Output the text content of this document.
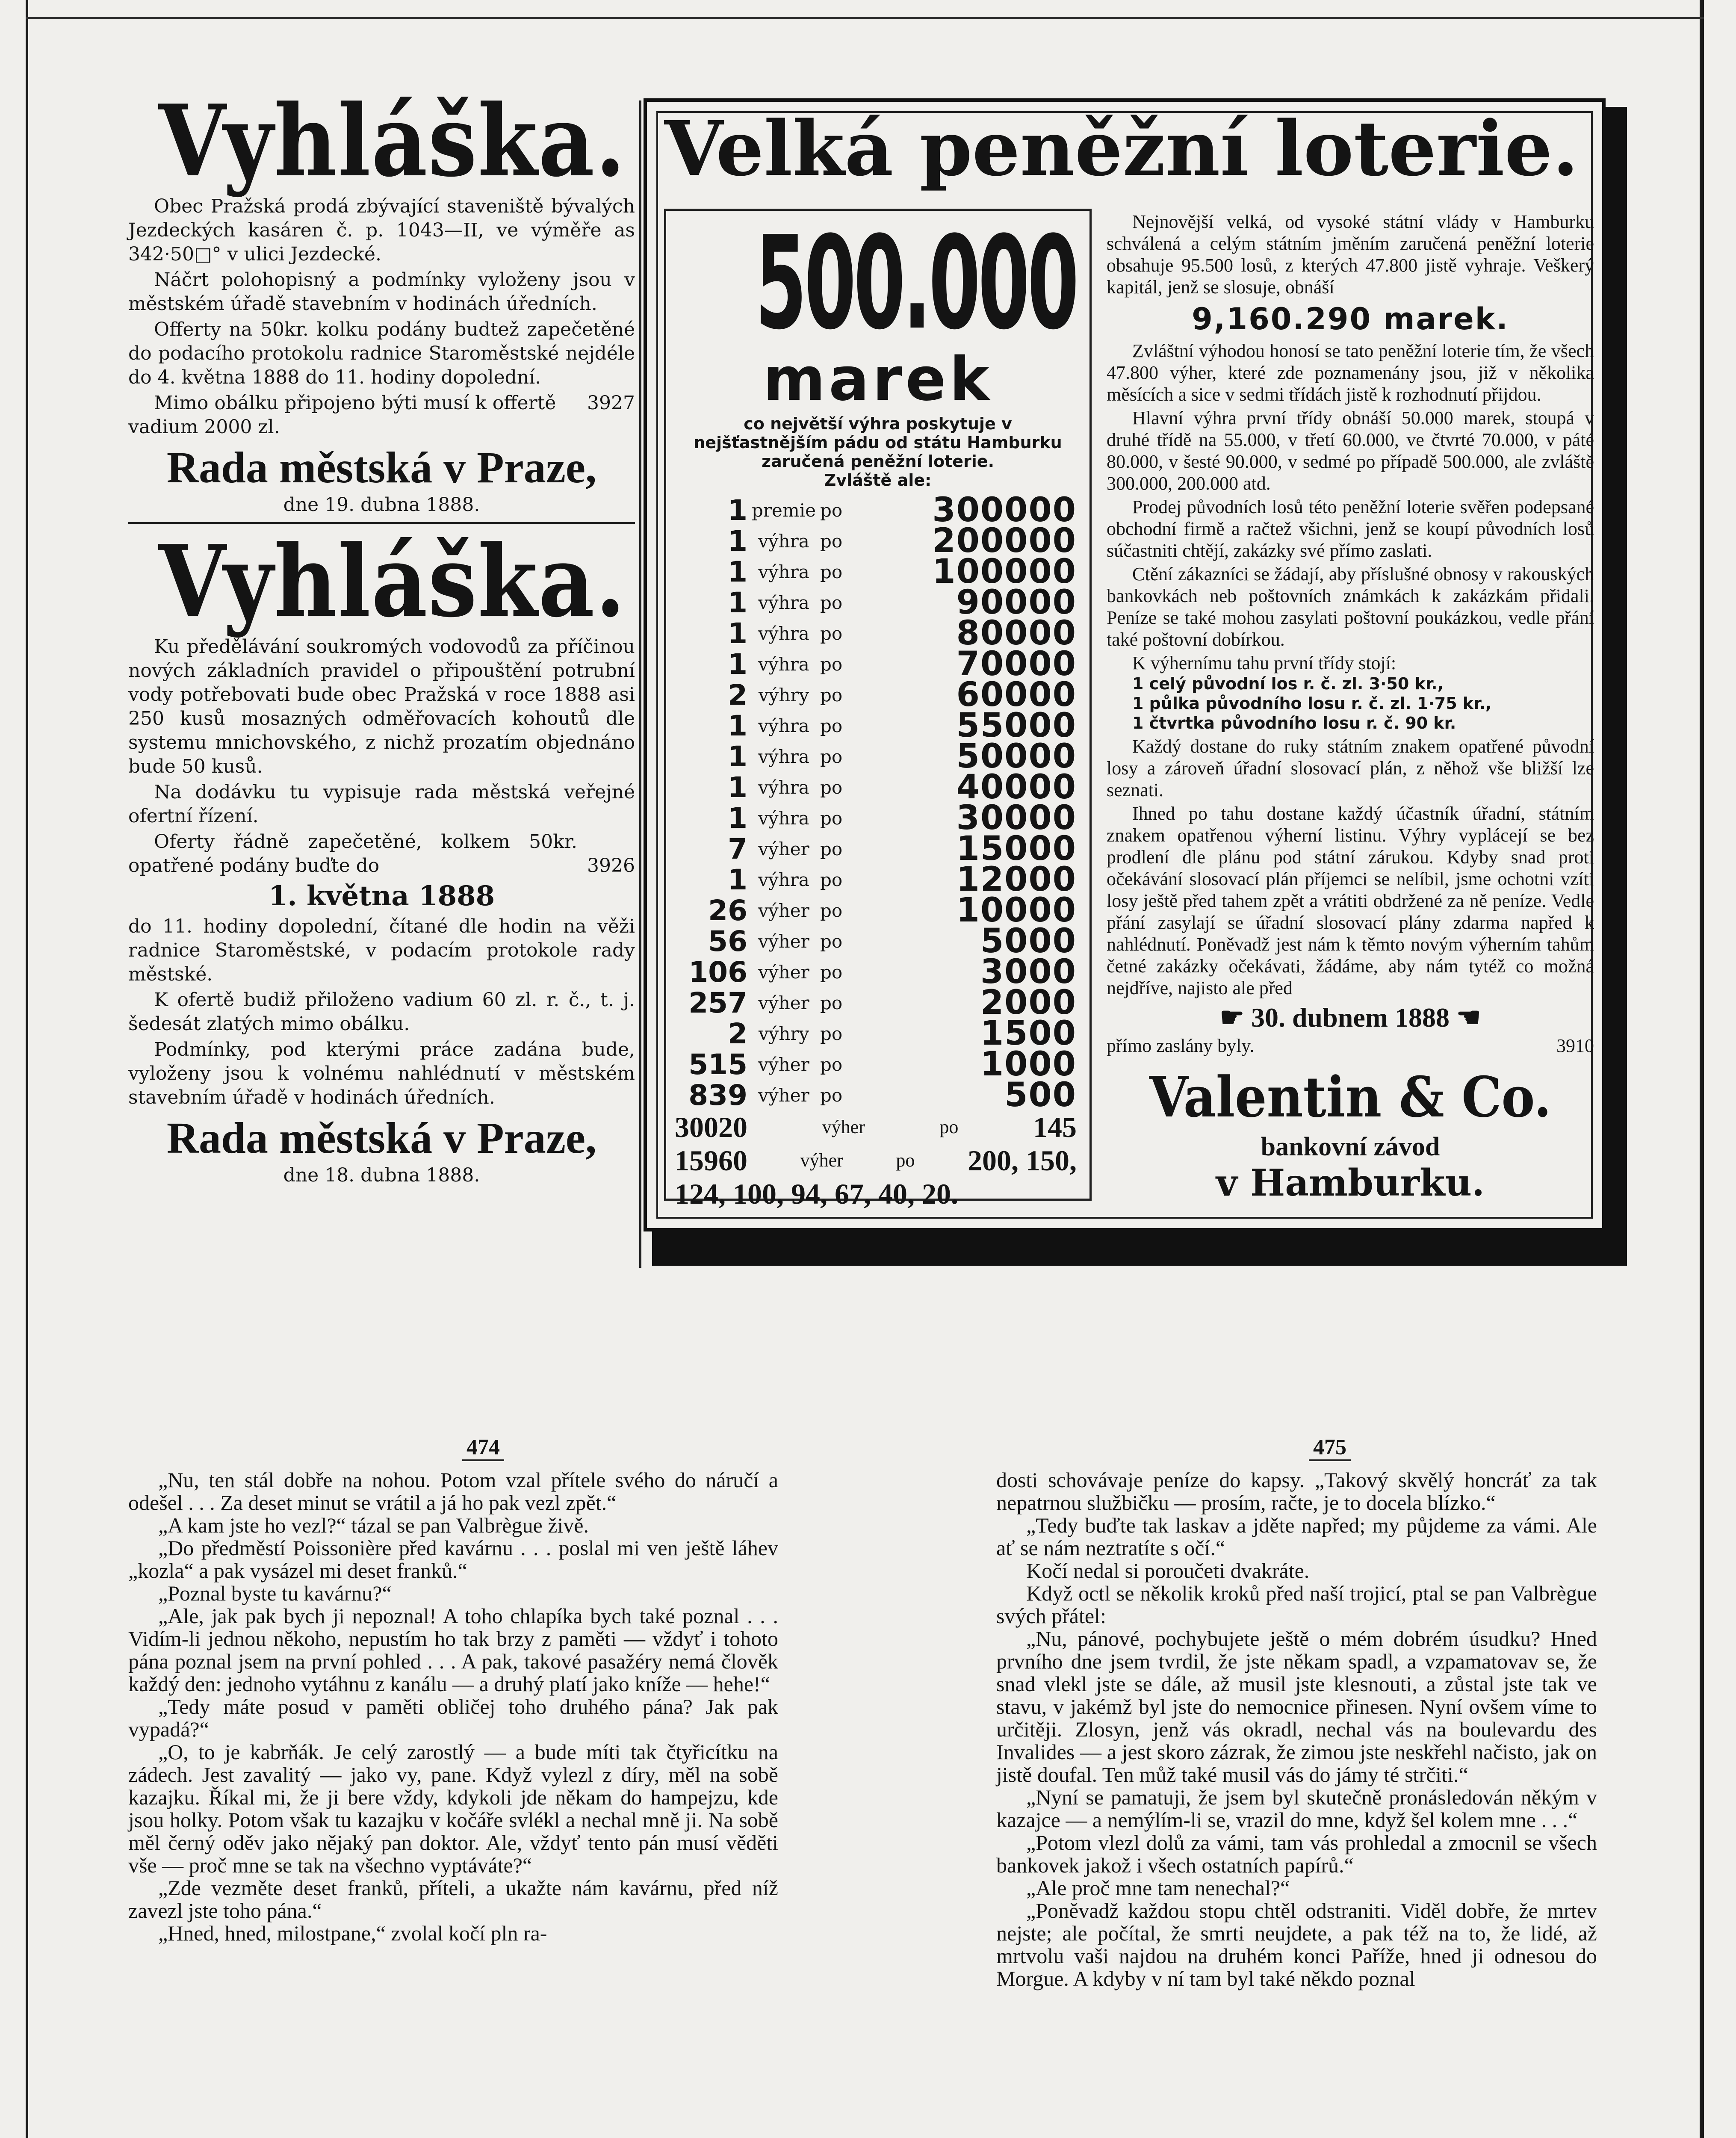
Vyhláška.

Obec Pražská prodá zbývající staveniště bývalých Jezdeckých kasáren č. p. 1043—II, ve výměře as 342·50□° v ulici Jezdecké.

Náčrt polohopisný a podmínky vyloženy jsou v městském úřadě stavebním v hodinách úředních.

Offerty na 50kr. kolku podány budtež zapečetěné do podacího protokolu radnice Staroměstské nejdéle do 4. května 1888 do 11. hodiny dopolední.

Mimo obálku připojeno býti musí k offertě vadium 2000 zl.
3927

Rada městská v Praze,

dne 19. dubna 1888.

Vyhláška.

Ku předělávání soukromých vodovodů za příčinou nových základních pravidel o připouštění potrubní vody potřebovati bude obec Pražská v roce 1888 asi 250 kusů mosazných odměřovacích kohoutů dle systemu mnichovského, z nichž prozatím objednáno bude 50 kusů.

Na dodávku tu vypisuje rada městská veřejné ofertní řízení.

Oferty řádně zapečetěné, kolkem 50kr. opatřené podány buďte do	3926

1. května 1888

do 11. hodiny dopolední, čítané dle hodin na věži radnice Staroměstské, v podacím protokole rady městské.

K ofertě budiž přiloženo vadium 60 zl. r. č., t. j. šedesát zlatých mimo obálku.

Podmínky, pod kterými práce zadána bude, vyloženy jsou k volnému nahlédnutí v městském stavebním úřadě v hodinách úředních.

Rada městská v Praze,

dne 18. dubna 1888.

Velká peněžní loterie.
500.000
marek

co největší výhra poskytuje v nejšťastnějším pádu od státu Hamburku zaručená peněžní loterie.

Zvláště ale:

1 premie po	300000
1 výhra po	200000
1 výhra po	100000
1 výhra po	90000
1 výhra po	80000
1 výhra po	70000
2 výhry po	60000
1 výhra po	55000
1 výhra po	50000
1 výhra po	40000
1 výhra po	30000
7 výher po	15000
1 výhra po	12000
26 výher po	10000
56 výher po	5000
106 výher po	3000
257 výher po	2000
2 výhry po	1500
515 výher po	1000
839 výher po	500
30020	výher	po	145
15960	výher	po 200, 150,
124, 100, 94, 67, 40, 20.

Nejnovější velká, od vysoké státní vlády v Hamburku schválená a celým státním jměním zaručená peněžní loterie obsahuje 95.500 losů, z kterých 47.800 jistě vyhraje. Veškerý kapitál, jenž se slosuje, obnáší

9,160.290 marek.

Zvláštní výhodou honosí se tato peněžní loterie tím, že všech 47.800 výher, které zde poznamenány jsou, již v několika měsících a sice v sedmi třídách jistě k rozhodnutí přijdou.

Hlavní výhra první třídy obnáší 50.000 marek, stoupá v druhé třídě na 55.000, v třetí 60.000, ve čtvrté 70.000, v páté 80.000, v šesté 90.000, v sedmé po případě 500.000, ale zvláště 300.000, 200.000 atd.

Prodej původních losů této peněžní loterie svěřen podepsané obchodní firmě a račtež všichni, jenž se koupí původních losů súčastniti chtějí, zakázky své přímo zaslati.

Ctění zákazníci se žádají, aby příslušné obnosy v rakouských bankovkách neb poštovních známkách k zakázkám přidali. Peníze se také mohou zasylati poštovní poukázkou, vedle přání také poštovní dobírkou.

K výhernímu tahu první třídy stojí:

1 celý původní los r. č. zl. 3·50 kr.,
1 půlka původního losu r. č. zl. 1·75 kr.,
1 čtvrtka původního losu r. č. 90 kr.

Každý dostane do ruky státním znakem opatřené původní losy a zároveň úřadní slosovací plán, z něhož vše bližší lze seznati.

Ihned po tahu dostane každý účastník úřadní, státním znakem opatřenou výherní listinu. Výhry vyplácejí se bez prodlení dle plánu pod státní zárukou. Kdyby snad proti očekávání slosovací plán příjemci se nelíbil, jsme ochotni vzíti losy ještě před tahem zpět a vrátiti obdržené za ně peníze. Vedle přání zasylají se úřadní slosovací plány zdarma napřed k nahlédnutí. Poněvadž jest nám k těmto novým výherním tahům četné zakázky očekávati, žádáme, aby nám tytéž co možná nejdříve, najisto ale před

☛ 30. dubnem 1888 ☚
přímo zaslány byly.	3910

Valentin & Co.

bankovní závod

v Hamburku.

474	475

„Nu, ten stál dobře na nohou. Potom vzal přítele svého do náručí a odešel . . . Za deset minut se vrátil a já ho pak vezl zpět.“

„A kam jste ho vezl?“ tázal se pan Valbrègue živě.

„Do předměstí Poissonière před kavárnu . . . poslal mi ven ještě láhev „kozla“ a pak vysázel mi deset franků.“

„Poznal byste tu kavárnu?“

„Ale, jak pak bych ji nepoznal! A toho chlapíka bych také poznal . . . Vidím-li jednou někoho, nepustím ho tak brzy z paměti — vždyť i tohoto pána poznal jsem na první pohled . . . A pak, takové pasažéry nemá člověk každý den: jednoho vytáhnu z kanálu — a druhý platí jako kníže — hehe!“

„Tedy máte posud v paměti obličej toho druhého pána? Jak pak vypadá?“

„O, to je kabrňák. Je celý zarostlý — a bude míti tak čtyřicítku na zádech. Jest zavalitý — jako vy, pane. Když vylezl z díry, měl na sobě kazajku. Říkal mi, že ji bere vždy, kdykoli jde někam do hampejzu, kde jsou holky. Potom však tu kazajku v kočáře svlékl a nechal mně ji. Na sobě měl černý oděv jako nějaký pan doktor. Ale, vždyť tento pán musí věděti vše — proč mne se tak na všechno vyptáváte?“

„Zde vezměte deset franků, příteli, a ukažte nám kavárnu, před níž zavezl jste toho pána.“

„Hned, hned, milostpane,“ zvolal kočí pln ra-

dosti schovávaje peníze do kapsy. „Takový skvělý honcráť za tak nepatrnou službičku — prosím, račte, je to docela blízko.“

„Tedy buďte tak laskav a jděte napřed; my půjdeme za vámi. Ale ať se nám neztratíte s očí.“

Kočí nedal si poroučeti dvakráte.

Když octl se několik kroků před naší trojicí, ptal se pan Valbrègue svých přátel:

„Nu, pánové, pochybujete ještě o mém dobrém úsudku? Hned prvního dne jsem tvrdil, že jste někam spadl, a vzpamatovav se, že snad vlekl jste se dále, až musil jste klesnouti, a zůstal jste tak ve stavu, v jakémž byl jste do nemocnice přinesen. Nyní ovšem víme to určitěji. Zlosyn, jenž vás okradl, nechal vás na boulevardu des Invalides — a jest skoro zázrak, že zimou jste neskřehl načisto, jak on jistě doufal. Ten můž také musil vás do jámy té strčiti.“

„Nyní se pamatuji, že jsem byl skutečně pronásledován někým v kazajce — a nemýlím-li se, vrazil do mne, když šel kolem mne . . .“

„Potom vlezl dolů za vámi, tam vás prohledal a zmocnil se všech bankovek jakož i všech ostatních papírů.“

„Ale proč mne tam nenechal?“

„Poněvadž každou stopu chtěl odstraniti. Viděl dobře, že mrtev nejste; ale počítal, že smrti neujdete, a pak též na to, že lidé, až mrtvolu vaši najdou na druhém konci Paříže, hned ji odnesou do Morgue. A kdyby v ní tam byl také někdo poznal
